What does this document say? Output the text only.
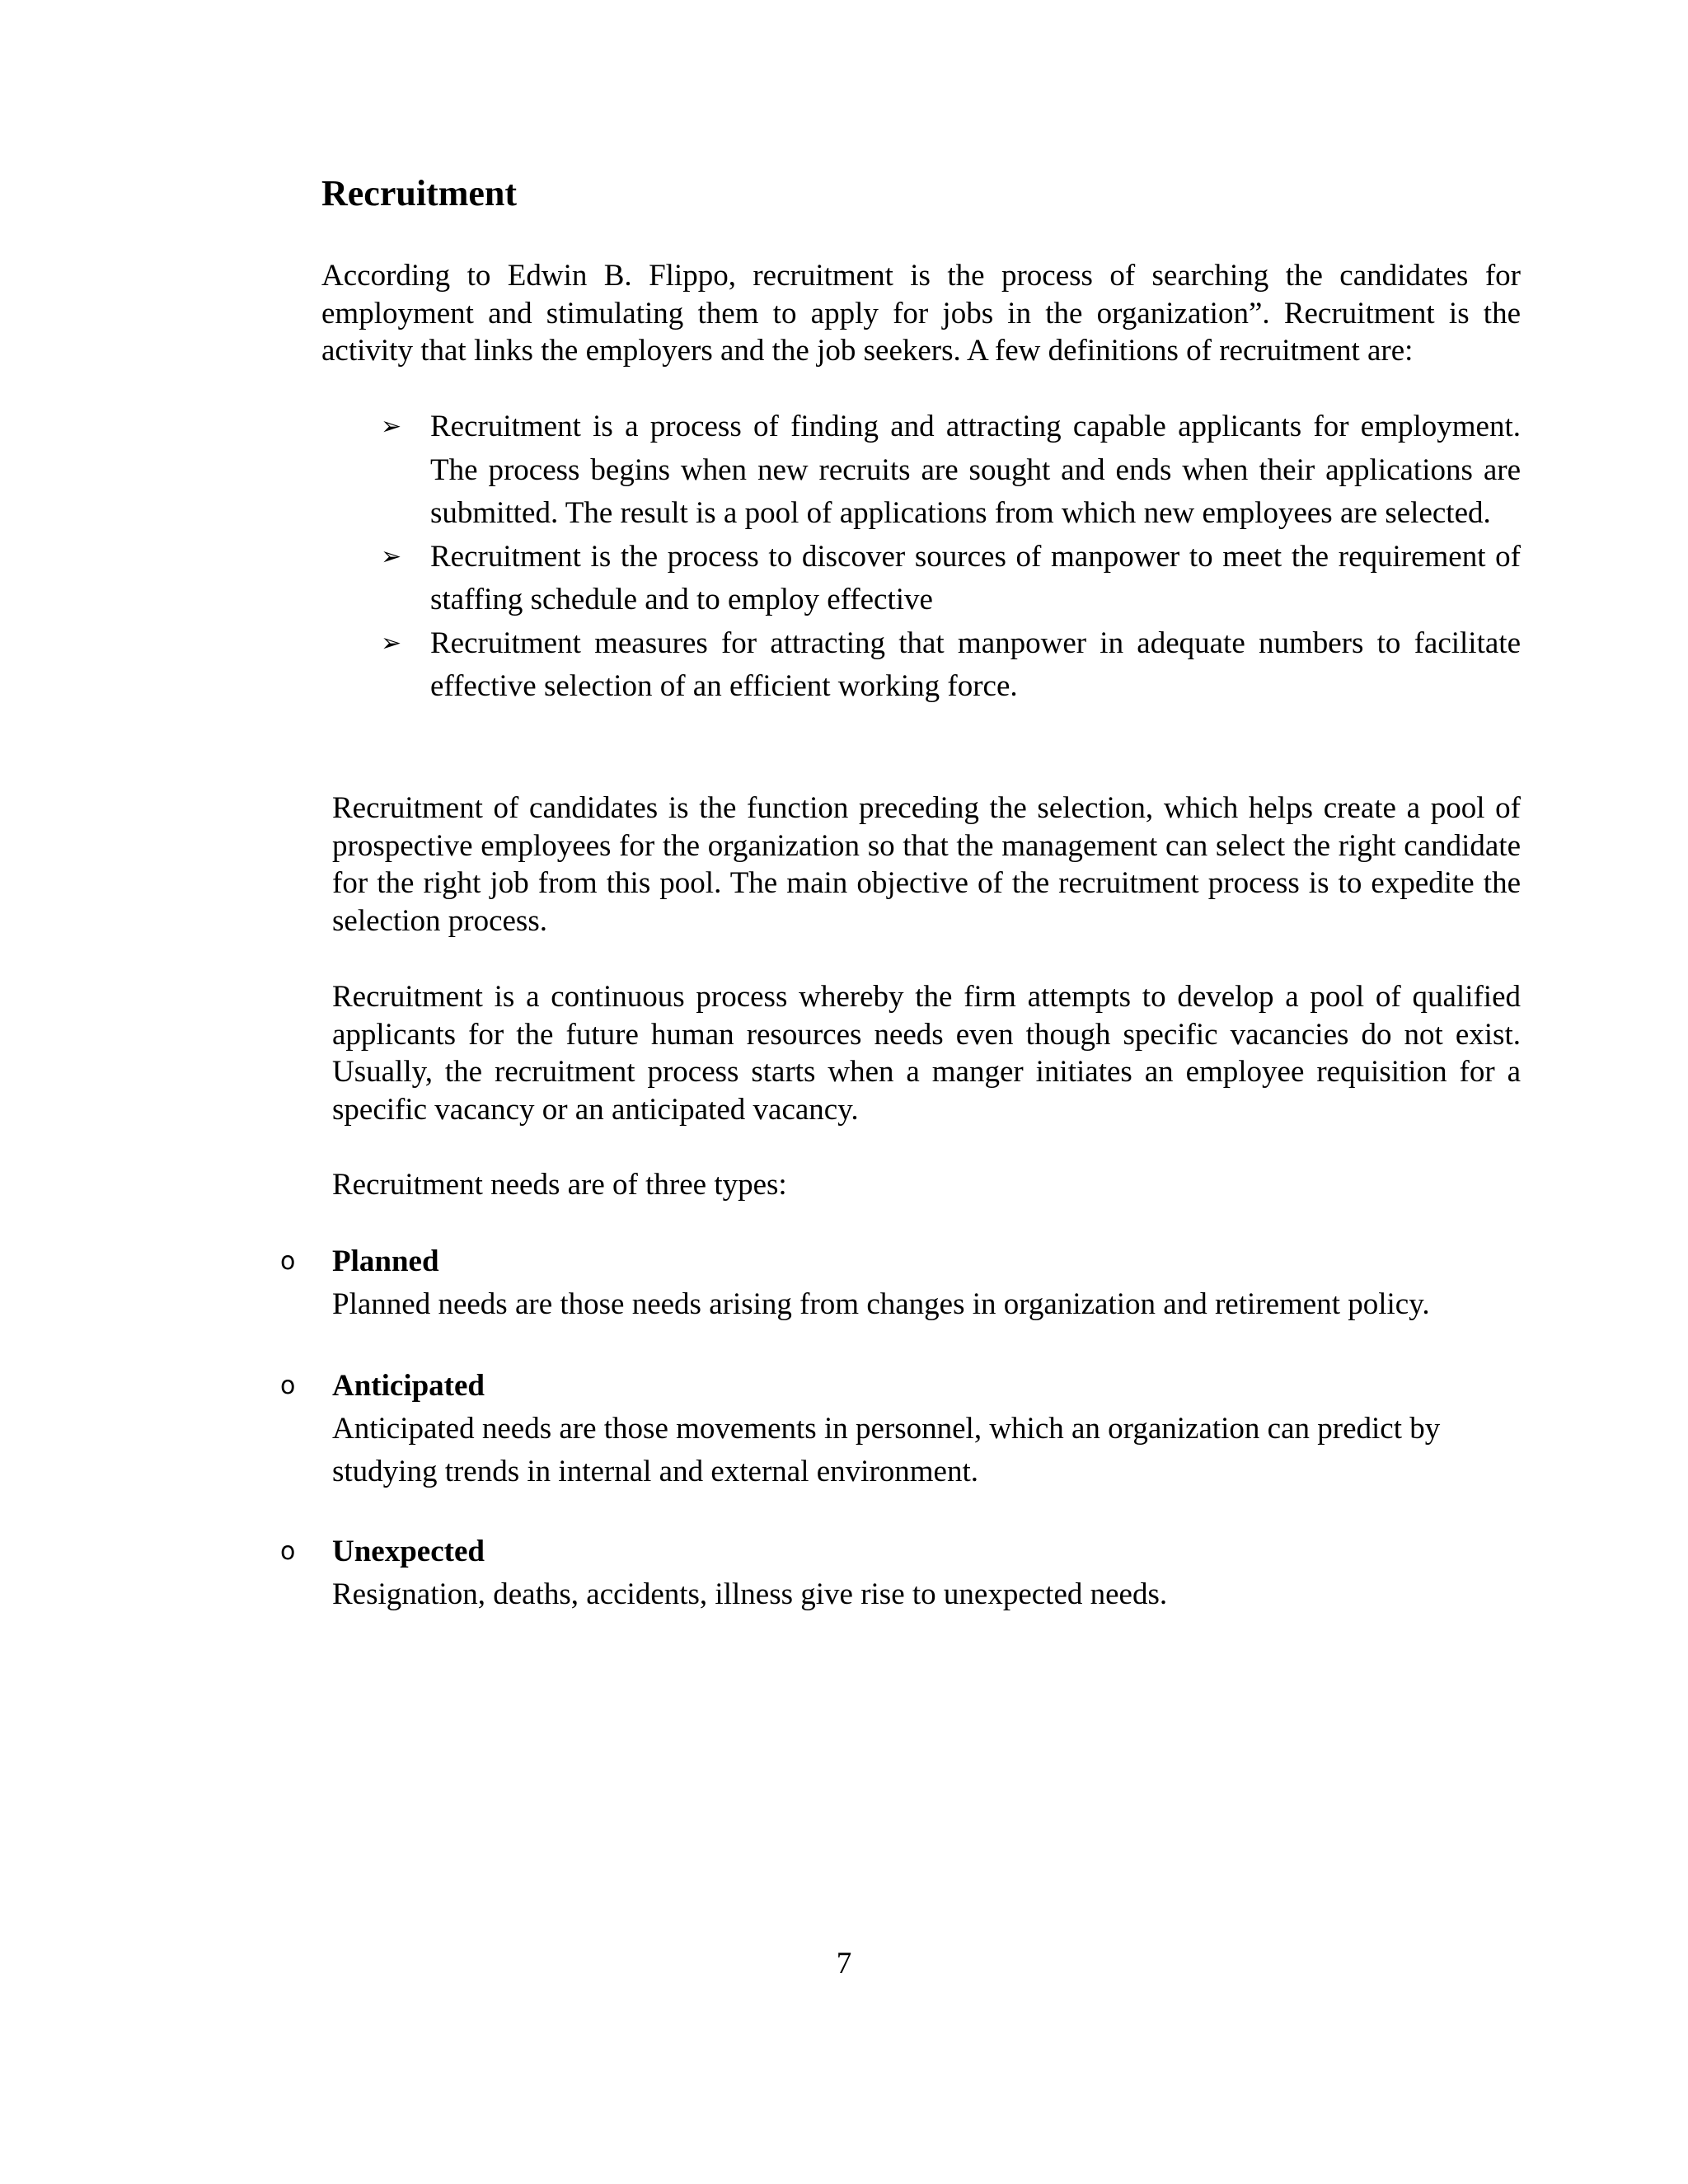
Recruitment

According to Edwin B. Flippo, recruitment is the process of searching the candidates for employment and stimulating them to apply for jobs in the organization”. Recruitment is the activity that links the employers and the job seekers. A few definitions of recruitment are:

➢ Recruitment is a process of finding and attracting capable applicants for employment. The process begins when new recruits are sought and ends when their applications are submitted. The result is a pool of applications from which new employees are selected.
➢ Recruitment is the process to discover sources of manpower to meet the requirement of staffing schedule and to employ effective
➢ Recruitment measures for attracting that manpower in adequate numbers to facilitate effective selection of an efficient working force.

Recruitment of candidates is the function preceding the selection, which helps create a pool of prospective employees for the organization so that the management can select the right candidate for the right job from this pool. The main objective of the recruitment process is to expedite the selection process.

Recruitment is a continuous process whereby the firm attempts to develop a pool of qualified applicants for the future human resources needs even though specific vacancies do not exist. Usually, the recruitment process starts when a manger initiates an employee requisition for a specific vacancy or an anticipated vacancy.

Recruitment needs are of three types:

o Planned

Planned needs are those needs arising from changes in organization and retirement policy.

o Anticipated

Anticipated needs are those movements in personnel, which an organization can predict by studying trends in internal and external environment.

o Unexpected

Resignation, deaths, accidents, illness give rise to unexpected needs.

7
